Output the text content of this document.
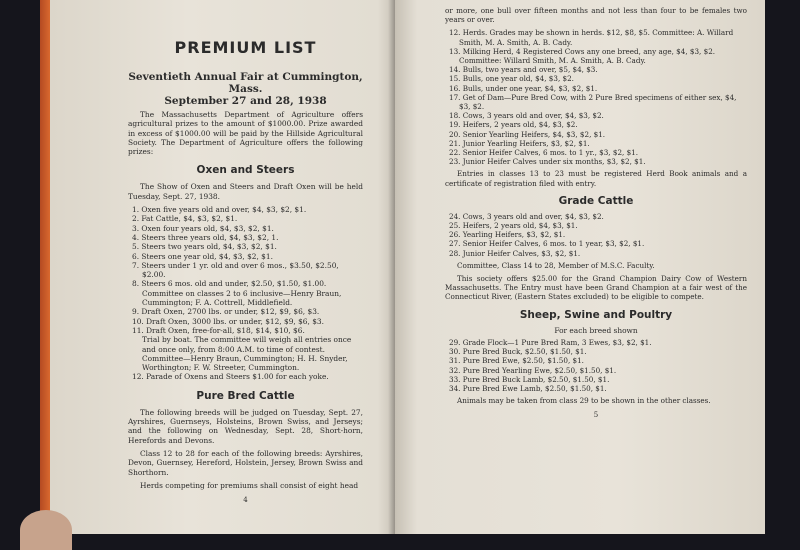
PREMIUM LIST

Seventieth Annual Fair at Cummington, Mass.

September 27 and 28, 1938

The Massachusetts Department of Agriculture offers agricultural prizes to the amount of $1000.00. Prize awarded in excess of $1000.00 will be paid by the Hillside Agricultural Society. The Department of Agriculture offers the following prizes:

Oxen and Steers

The Show of Oxen and Steers and Draft Oxen will be held Tuesday, Sept. 27, 1938.

1. Oxen five years old and over, $4, $3, $2, $1.

2. Fat Cattle, $4, $3, $2, $1.

3. Oxen four years old, $4, $3, $2, $1.

4. Steers three years old, $4, $3, $2, 1.

5. Steers two years old, $4, $3, $2, $1.

6. Steers one year old, $4, $3, $2, $1.

7. Steers under 1 yr. old and over 6 mos., $3.50, $2.50, $2.00.

8. Steers 6 mos. old and under, $2.50, $1.50, $1.00.

Committee on classes 2 to 6 inclusive—Henry Braun, Cummington; F. A. Cottrell, Middlefield.

9. Draft Oxen, 2700 lbs. or under, $12, $9, $6, $3.

10. Draft Oxen, 3000 lbs. or under, $12, $9, $6, $3.

11. Draft Oxen, free-for-all, $18, $14, $10, $6.

Trial by boat. The committee will weigh all entries once and once only, from 8:00 A.M. to time of contest. Committee—Henry Braun, Cummington; H. H. Snyder, Worthington; F. W. Streeter, Cummington.

12. Parade of Oxens and Steers $1.00 for each yoke.

Pure Bred Cattle

The following breeds will be judged on Tuesday, Sept. 27, Ayrshires, Guernseys, Holsteins, Brown Swiss, and Jerseys; and the following on Wednesday, Sept. 28, Short-horn, Herefords and Devons.

Class 12 to 28 for each of the following breeds: Ayrshires, Devon, Guernsey, Hereford, Holstein, Jersey, Brown Swiss and Shorthorn.

Herds competing for premiums shall consist of eight head

4

or more, one bull over fifteen months and not less than four to be females two years or over.

12. Herds. Grades may be shown in herds. $12, $8, $5. Committee: A. Willard Smith, M. A. Smith, A. B. Cady.

13. Milking Herd, 4 Registered Cows any one breed, any age, $4, $3, $2. Committee: Willard Smith, M. A. Smith, A. B. Cady.

14. Bulls, two years and over, $5, $4, $3.

15. Bulls, one year old, $4, $3, $2.

16. Bulls, under one year, $4, $3, $2, $1.

17. Get of Dam—Pure Bred Cow, with 2 Pure Bred specimens of either sex, $4, $3, $2.

18. Cows, 3 years old and over, $4, $3, $2.

19. Heifers, 2 years old, $4, $3, $2.

20. Senior Yearling Heifers, $4, $3, $2, $1.

21. Junior Yearling Heifers, $3, $2, $1.

22. Senior Heifer Calves, 6 mos. to 1 yr., $3, $2, $1.

23. Junior Heifer Calves under six months, $3, $2, $1.

Entries in classes 13 to 23 must be registered Herd Book animals and a certificate of registration filed with entry.

Grade Cattle

24. Cows, 3 years old and over, $4, $3, $2.

25. Heifers, 2 years old, $4, $3, $1.

26. Yearling Heifers, $3, $2, $1.

27. Senior Heifer Calves, 6 mos. to 1 year, $3, $2, $1.

28. Junior Heifer Calves, $3, $2, $1.

Committee, Class 14 to 28, Member of M.S.C. Faculty.

This society offers $25.00 for the Grand Champion Dairy Cow of Western Massachusetts. The Entry must have been Grand Champion at a fair west of the Connecticut River, (Eastern States excluded) to be eligible to compete.

Sheep, Swine and Poultry

For each breed shown

29. Grade Flock—1 Pure Bred Ram, 3 Ewes, $3, $2, $1.

30. Pure Bred Buck, $2.50, $1.50, $1.

31. Pure Bred Ewe, $2.50, $1.50, $1.

32. Pure Bred Yearling Ewe, $2.50, $1.50, $1.

33. Pure Bred Buck Lamb, $2.50, $1.50, $1.

34. Pure Bred Ewe Lamb, $2.50, $1.50, $1.

Animals may be taken from class 29 to be shown in the other classes.

5
